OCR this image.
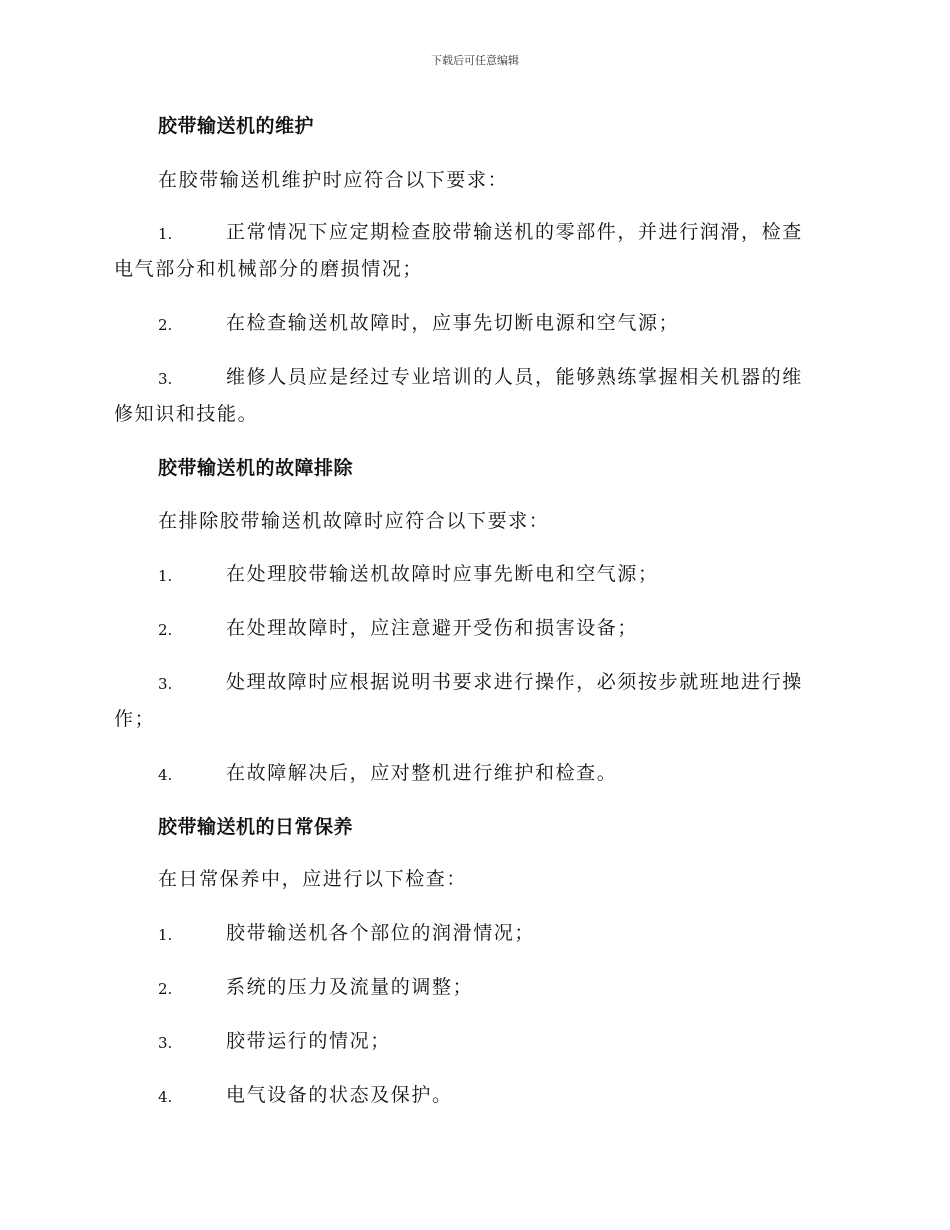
下载后可任意编辑
胶带输送机的维护
在胶带输送机维护时应符合以下要求：
1.	正常情况下应定期检查胶带输送机的零部件，并进行润滑，检查
电气部分和机械部分的磨损情况；
2.	在检查输送机故障时，应事先切断电源和空气源；
3.	维修人员应是经过专业培训的人员，能够熟练掌握相关机器的维
修知识和技能。
胶带输送机的故障排除
在排除胶带输送机故障时应符合以下要求：
1.	在处理胶带输送机故障时应事先断电和空气源；
2.	在处理故障时，应注意避开受伤和损害设备；
3.	处理故障时应根据说明书要求进行操作，必须按步就班地进行操
作；
4.	在故障解决后，应对整机进行维护和检查。
胶带输送机的日常保养
在日常保养中，应进行以下检查：
1.	胶带输送机各个部位的润滑情况；
2.	系统的压力及流量的调整；
3.	胶带运行的情况；
4.	电气设备的状态及保护。
